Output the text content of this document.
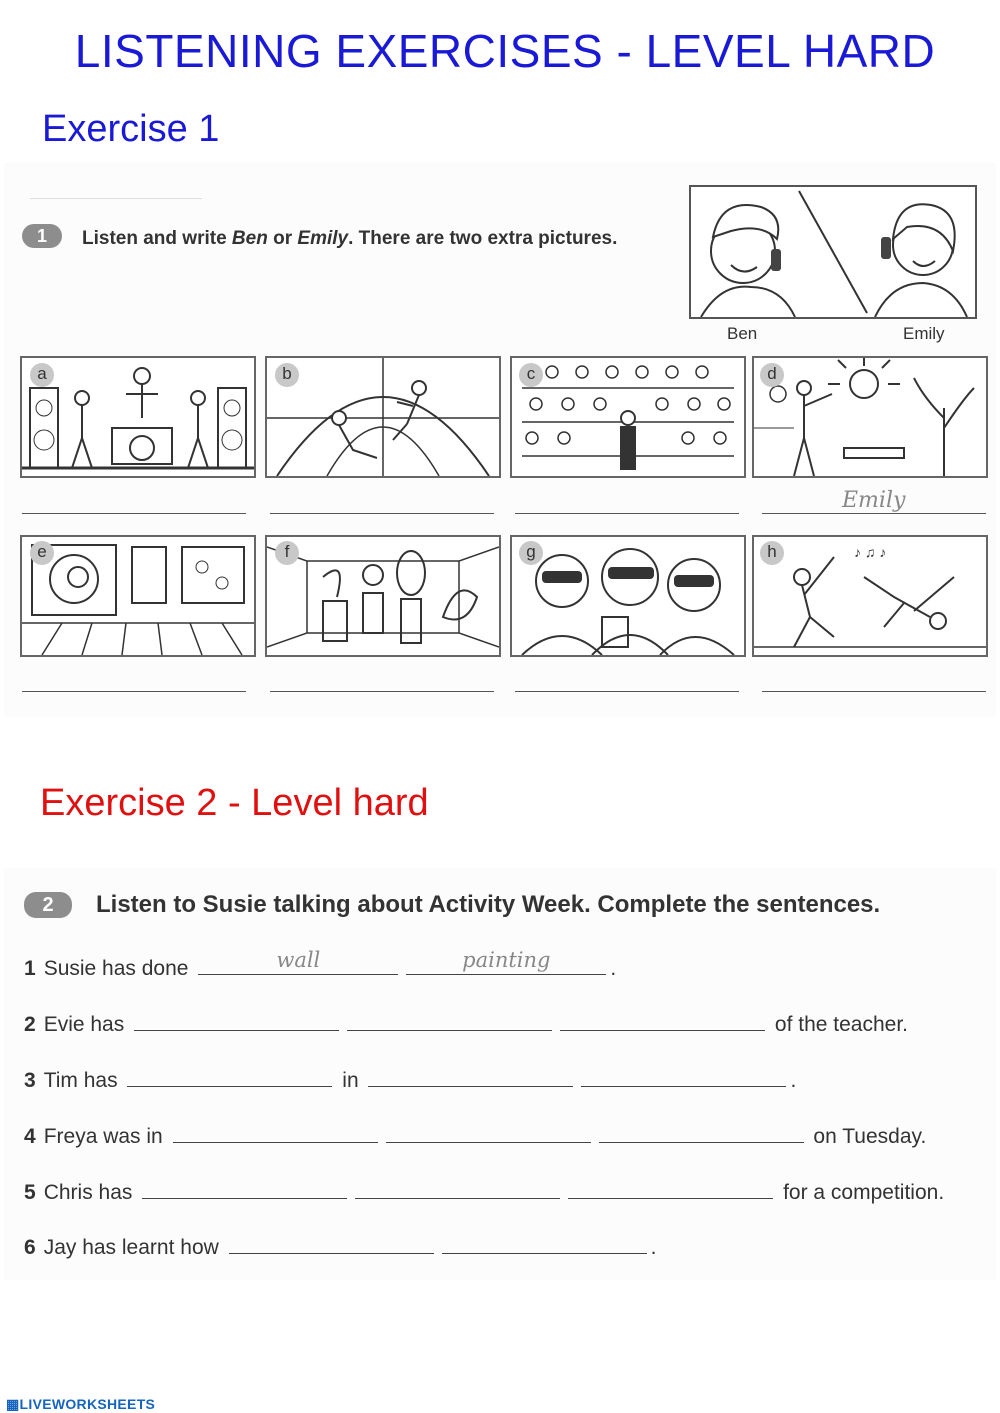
LISTENING EXERCISES - LEVEL HARD
Exercise 1
1	Listen and write Ben or Emily. There are two extra pictures.
Ben	Emily
Emily
♪ ♫ ♪
a	b	c	d
e	f	g	h
Exercise 2 - Level hard
2	Listen to Susie talking about Activity Week. Complete the sentences.
1 Susie has done	wall	painting	.
2 Evie has	of the teacher.
3 Tim has	in	.
4 Freya was in	on Tuesday.
5 Chris has	for a competition.
6 Jay has learnt how	.
▦LIVEWORKSHEETS
